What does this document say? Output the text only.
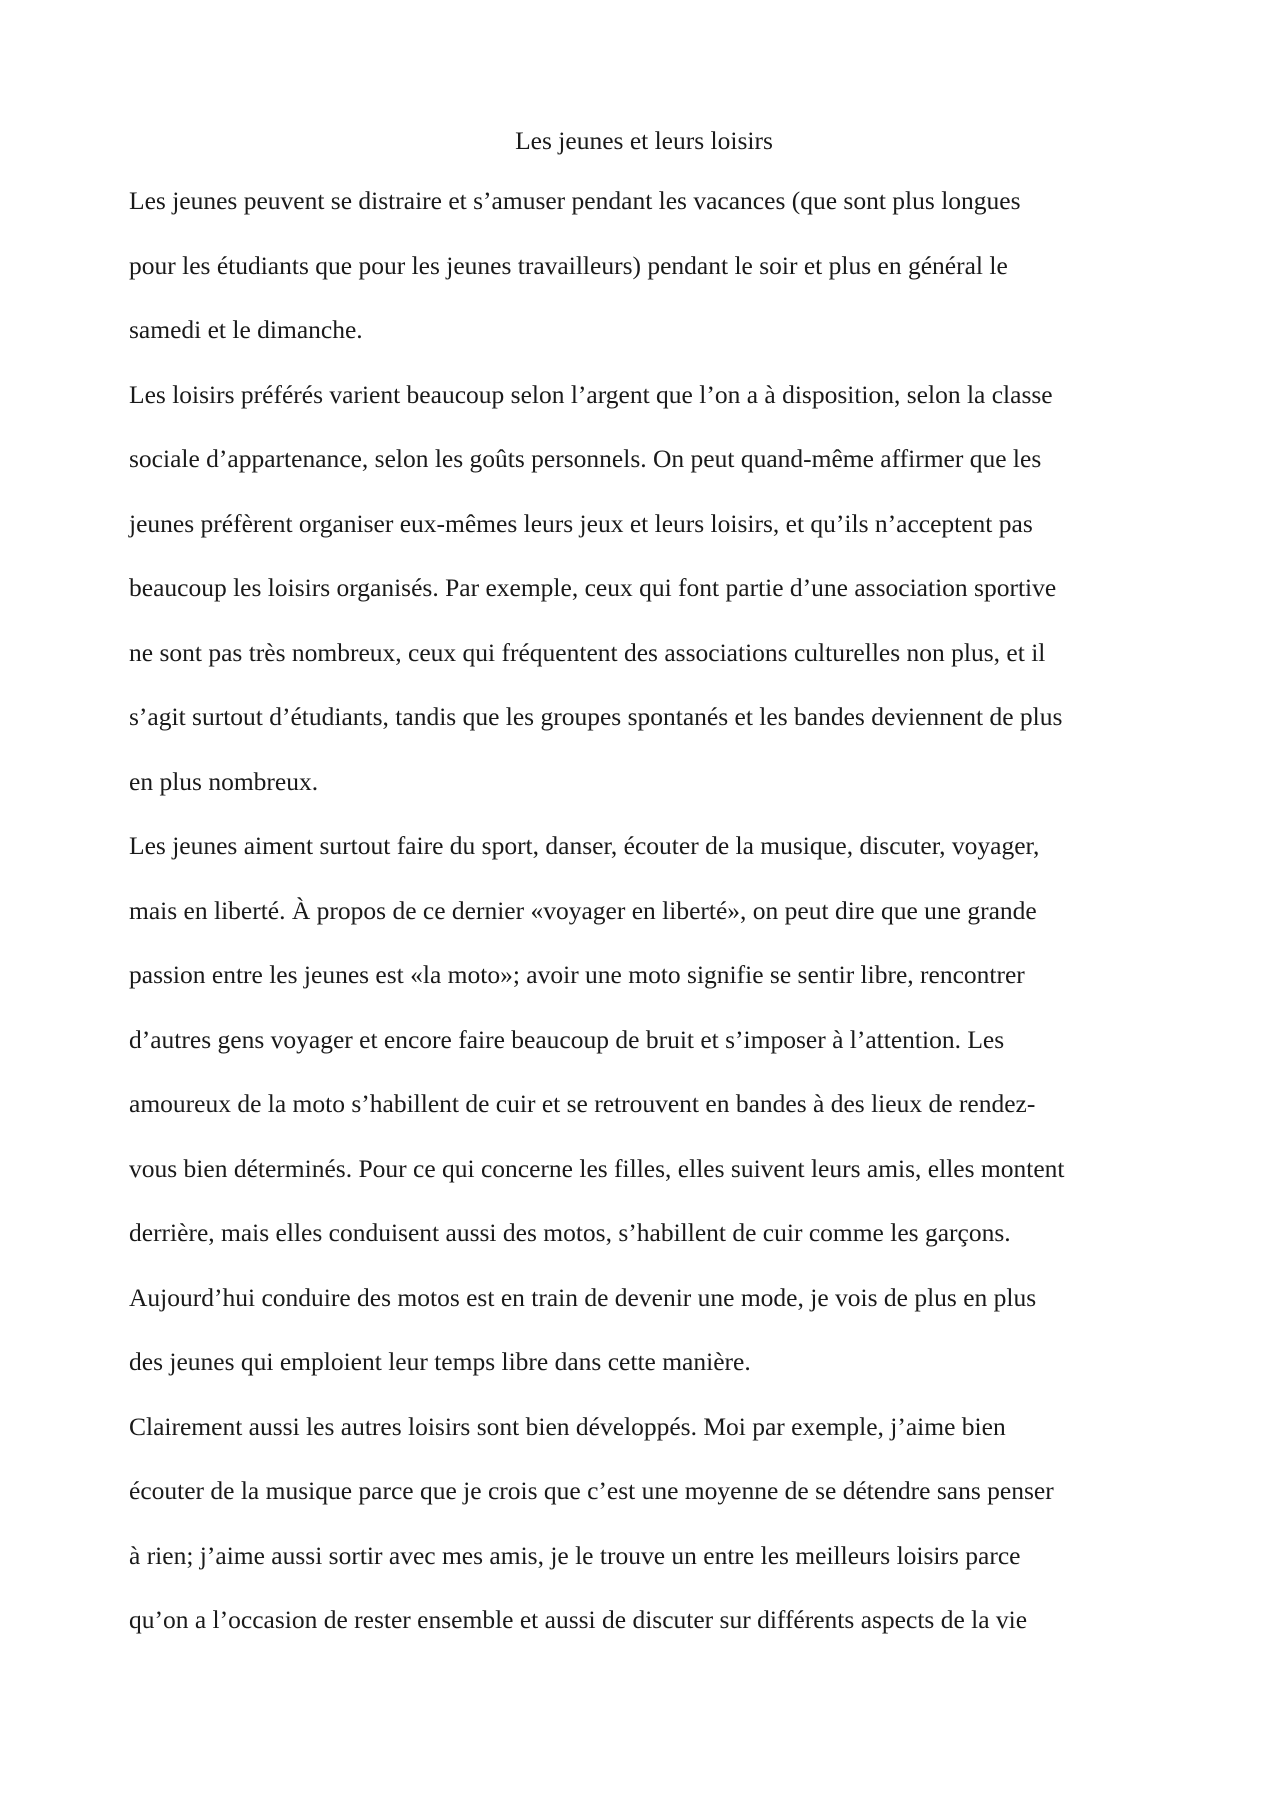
Les jeunes et leurs loisirs

Les jeunes peuvent se distraire et s’amuser pendant les vacances (que sont plus longues
pour les étudiants que pour les jeunes travailleurs) pendant le soir et plus en général le
samedi et le dimanche.

Les loisirs préférés varient beaucoup selon l’argent que l’on a à disposition, selon la classe
sociale d’appartenance, selon les goûts personnels. On peut quand-même affirmer que les
jeunes préfèrent organiser eux-mêmes leurs jeux et leurs loisirs, et qu’ils n’acceptent pas
beaucoup les loisirs organisés. Par exemple, ceux qui font partie d’une association sportive
ne sont pas très nombreux, ceux qui fréquentent des associations culturelles non plus, et il
s’agit surtout d’étudiants, tandis que les groupes spontanés et les bandes deviennent de plus
en plus nombreux.

Les jeunes aiment surtout faire du sport, danser, écouter de la musique, discuter, voyager,
mais en liberté. À propos de ce dernier «voyager en liberté», on peut dire que une grande
passion entre les jeunes est «la moto»; avoir une moto signifie se sentir libre, rencontrer
d’autres gens voyager et encore faire beaucoup de bruit et s’imposer à l’attention. Les
amoureux de la moto s’habillent de cuir et se retrouvent en bandes à des lieux de rendez-
vous bien déterminés. Pour ce qui concerne les filles, elles suivent leurs amis, elles montent
derrière, mais elles conduisent aussi des motos, s’habillent de cuir comme les garçons.
Aujourd’hui conduire des motos est en train de devenir une mode, je vois de plus en plus
des jeunes qui emploient leur temps libre dans cette manière.

Clairement aussi les autres loisirs sont bien développés. Moi par exemple, j’aime bien
écouter de la musique parce que je crois que c’est une moyenne de se détendre sans penser
à rien; j’aime aussi sortir avec mes amis, je le trouve un entre les meilleurs loisirs parce
qu’on a l’occasion de rester ensemble et aussi de discuter sur différents aspects de la vie
